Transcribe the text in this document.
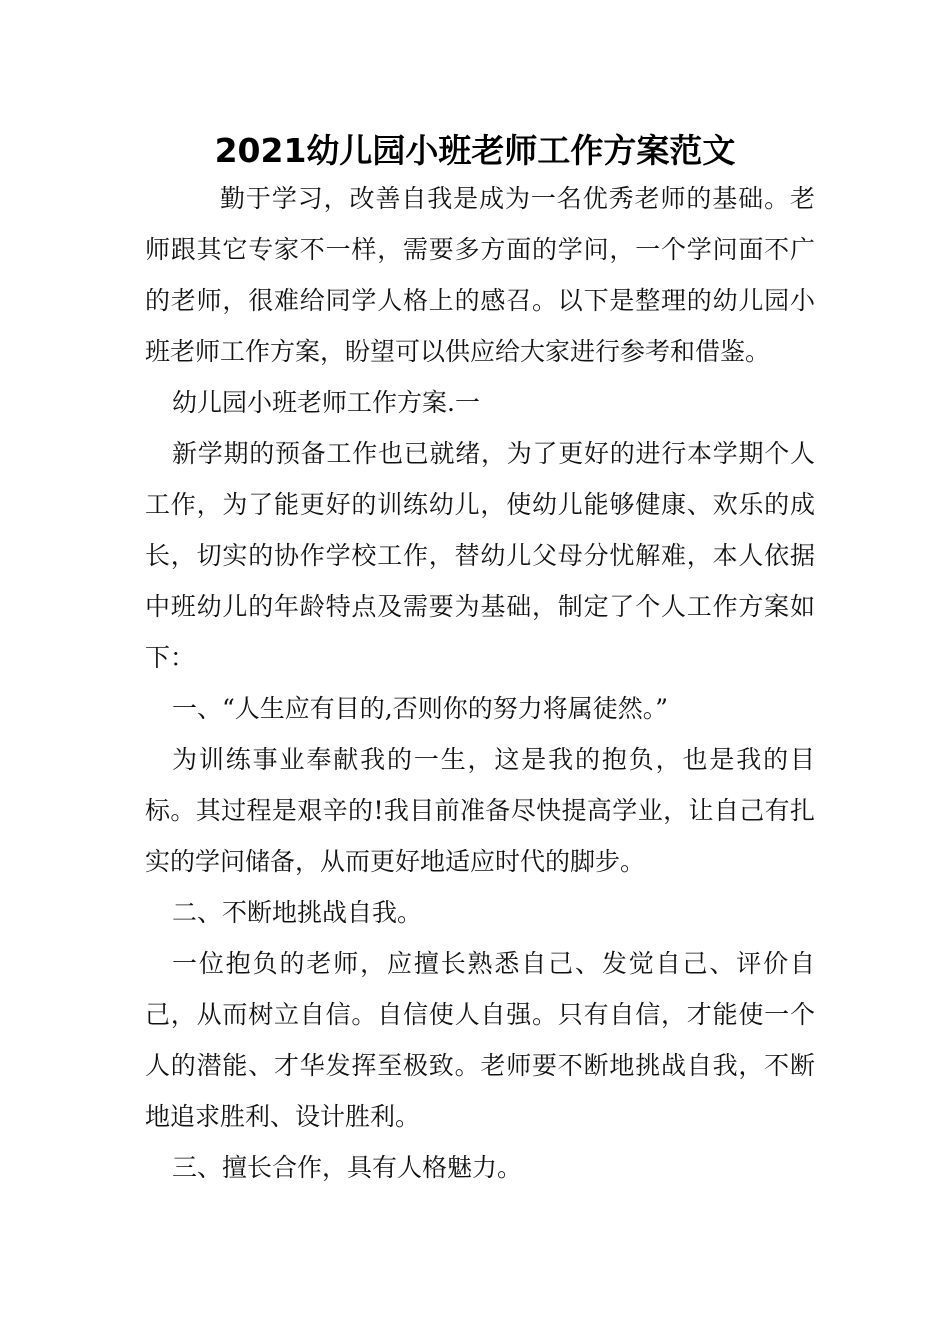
2021幼儿园小班老师工作方案范文

勤于学习，改善自我是成为一名优秀老师的基础。老师跟其它专家不一样，需要多方面的学问，一个学问面不广的老师，很难给同学人格上的感召。以下是整理的幼儿园小班老师工作方案，盼望可以供应给大家进行参考和借鉴。

幼儿园小班老师工作方案.一

新学期的预备工作也已就绪，为了更好的进行本学期个人工作，为了能更好的训练幼儿，使幼儿能够健康、欢乐的成长，切实的协作学校工作，替幼儿父母分忧解难，本人依据中班幼儿的年龄特点及需要为基础，制定了个人工作方案如下：

一、“人生应有目的,否则你的努力将属徒然。”

为训练事业奉献我的一生，这是我的抱负，也是我的目标。其过程是艰辛的!我目前准备尽快提高学业，让自己有扎实的学问储备，从而更好地适应时代的脚步。

二、不断地挑战自我。

一位抱负的老师，应擅长熟悉自己、发觉自己、评价自己，从而树立自信。自信使人自强。只有自信，才能使一个人的潜能、才华发挥至极致。老师要不断地挑战自我，不断地追求胜利、设计胜利。

三、擅长合作，具有人格魅力。
